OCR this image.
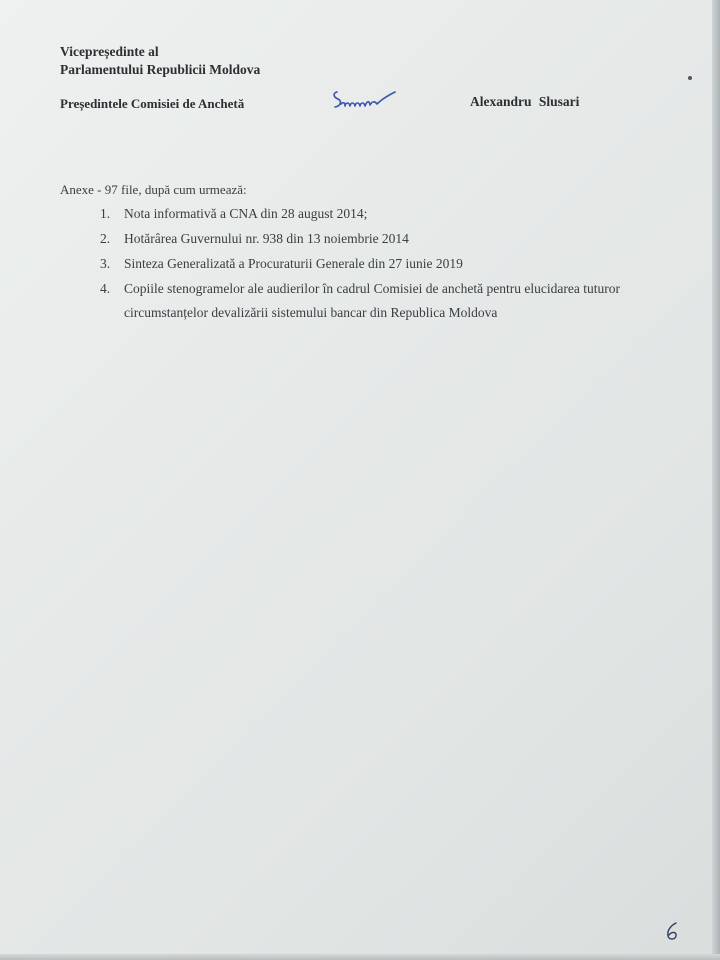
Vicepreședinte al
Parlamentului Republicii Moldova
Președintele Comisiei de Anchetă	Alexandru Slusari
Anexe - 97 file, după cum urmează:
1. Nota informativă a CNA din 28 august 2014;
2. Hotărârea Guvernului nr. 938 din 13 noiembrie 2014
3. Sinteza Generalizată a Procuraturii Generale din 27 iunie 2019
4. Copiile stenogramelor ale audierilor în cadrul Comisiei de anchetă pentru elucidarea tuturor
circumstanțelor devalizării sistemului bancar din Republica Moldova
